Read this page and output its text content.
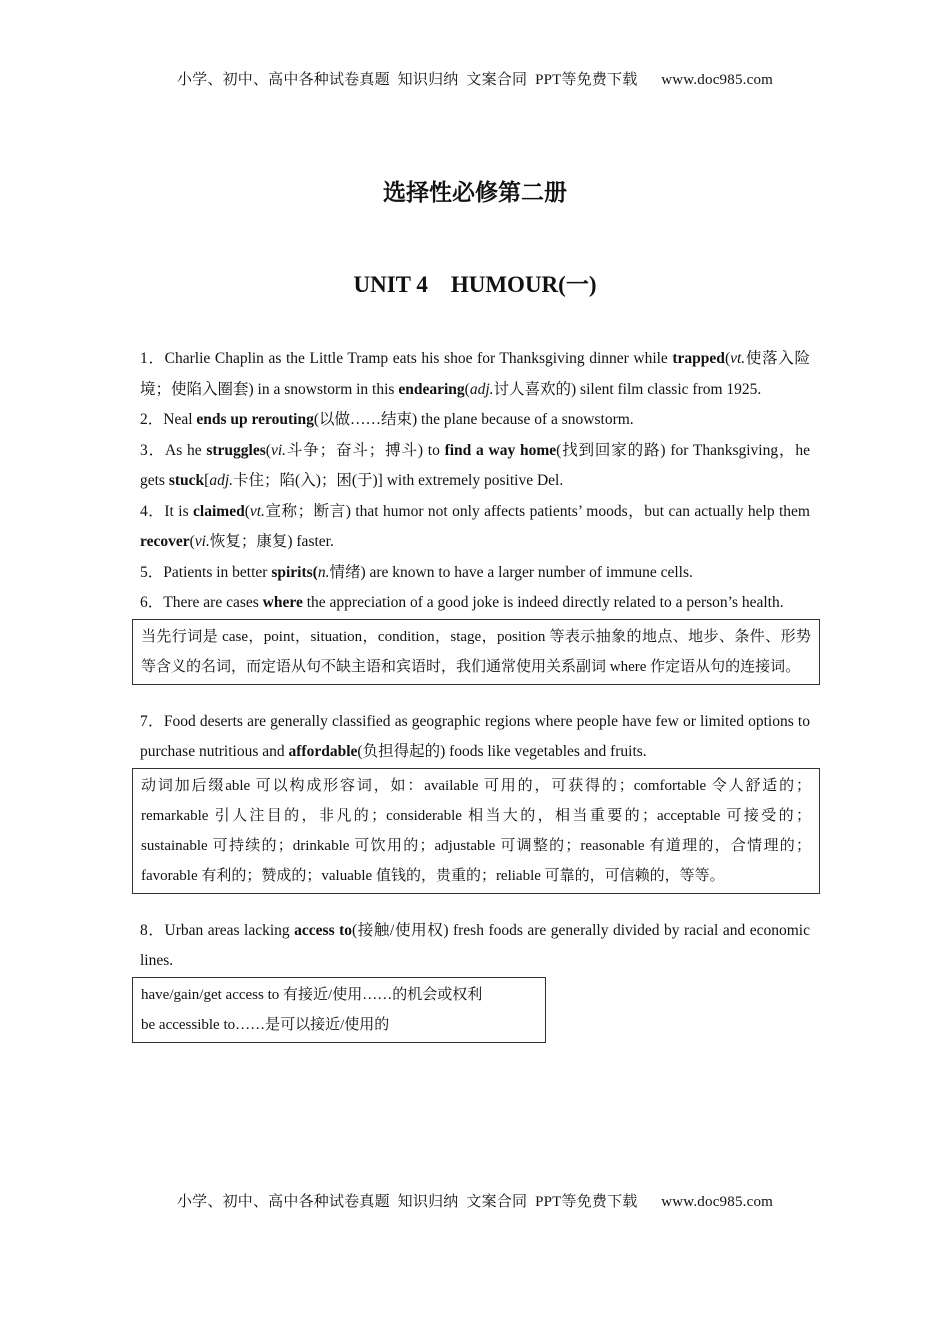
小学、初中、高中各种试卷真题  知识归纳  文案合同  PPT等免费下载      www.doc985.com
选择性必修第二册
UNIT 4    HUMOUR(一)
1．Charlie Chaplin as the Little Tramp eats his shoe for Thanksgiving dinner while trapped(vt.使落入险境；使陷入圈套) in a snowstorm in this endearing(adj.讨人喜欢的) silent film classic from 1925.
2．Neal ends up rerouting(以做……结束) the plane because of a snowstorm.
3．As he struggles(vi.斗争；奋斗；搏斗) to find a way home(找到回家的路) for Thanksgiving，he gets stuck[adj.卡住；陷(入)；困(于)] with extremely positive Del.
4．It is claimed(vt.宣称；断言) that humor not only affects patients’ moods，but can actually help them recover(vi.恢复；康复) faster.
5．Patients in better spirits(n.情绪) are known to have a larger number of immune cells.
6．There are cases where the appreciation of a good joke is indeed directly related to a person’s health.
当先行词是 case，point，situation，condition，stage，position 等表示抽象的地点、地步、条件、形势等含义的名词，而定语从句不缺主语和宾语时，我们通常使用关系副词 where 作定语从句的连接词。
7．Food deserts are generally classified as geographic regions where people have few or limited options to purchase nutritious and affordable(负担得起的) foods like vegetables and fruits.
动词加后缀able 可以构成形容词，如：available 可用的，可获得的；comfortable 令人舒适的；remarkable 引人注目的，非凡的；considerable 相当大的，相当重要的；acceptable 可接受的；sustainable 可持续的；drinkable 可饮用的；adjustable 可调整的；reasonable 有道理的，合情理的；favorable 有利的；赞成的；valuable 值钱的，贵重的；reliable 可靠的，可信赖的，等等。
8．Urban areas lacking access to(接触/使用权) fresh foods are generally divided by racial and economic lines.
have/gain/get access to 有接近/使用……的机会或权利
be accessible to……是可以接近/使用的
小学、初中、高中各种试卷真题  知识归纳  文案合同  PPT等免费下载      www.doc985.com
